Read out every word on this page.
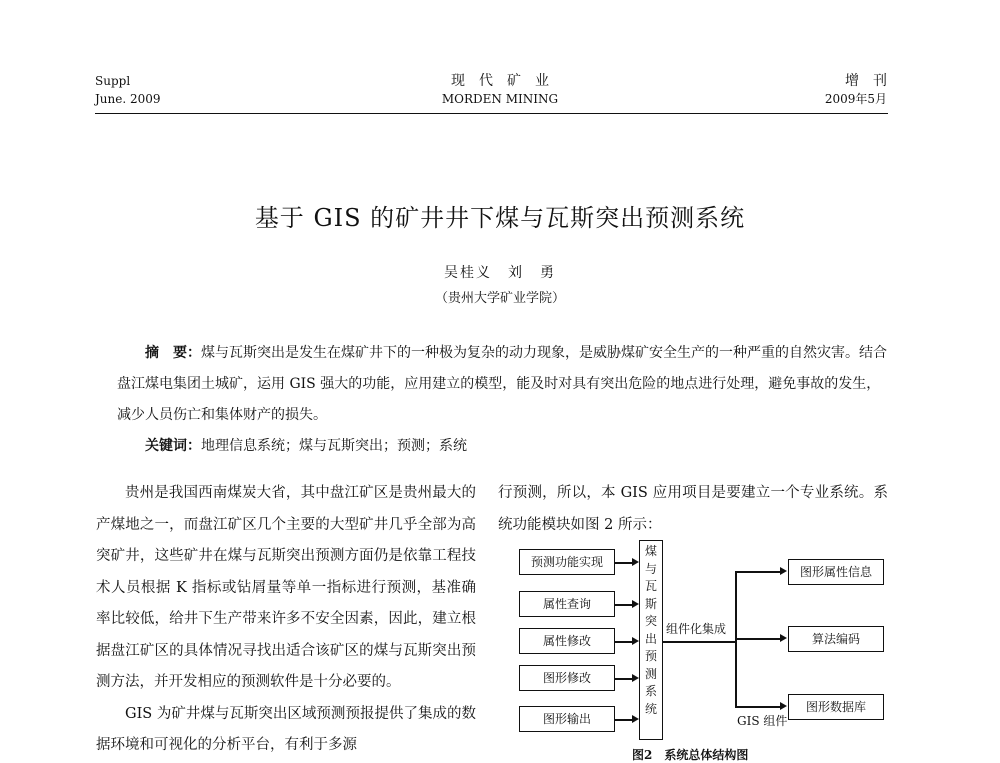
Suppl
June. 2009
现代矿业
MORDEN MINING
增刊
2009年5月
基于 GIS 的矿井井下煤与瓦斯突出预测系统
吴桂义　刘　勇
（贵州大学矿业学院）

摘　要：煤与瓦斯突出是发生在煤矿井下的一种极为复杂的动力现象，是威胁煤矿安全生产的一种严重的自然灾害。结合盘江煤电集团土城矿，运用 GIS 强大的功能，应用建立的模型，能及时对具有突出危险的地点进行处理，避免事故的发生，减少人员伤亡和集体财产的损失。

关键词：地理信息系统；煤与瓦斯突出；预测；系统

贵州是我国西南煤炭大省，其中盘江矿区是贵州最大的产煤地之一，而盘江矿区几个主要的大型矿井几乎全部为高突矿井，这些矿井在煤与瓦斯突出预测方面仍是依靠工程技术人员根据 K 指标或钻屑量等单一指标进行预测，基准确率比较低，给井下生产带来许多不安全因素，因此，建立根据盘江矿区的具体情况寻找出适合该矿区的煤与瓦斯突出预测方法，并开发相应的预测软件是十分必要的。

GIS 为矿井煤与瓦斯突出区域预测预报提供了集成的数据环境和可视化的分析平台，有利于多源

行预测，所以，本 GIS 应用项目是要建立一个专业系统。系统功能模块如图 2 所示：

预测功能实现
属性查询
属性修改
图形修改
图形输出
煤
与
瓦
斯
突
出
预
测
系
统
组件化集成
图形属性信息
算法编码
图形数据库
GIS 组件
图2　系统总体结构图
